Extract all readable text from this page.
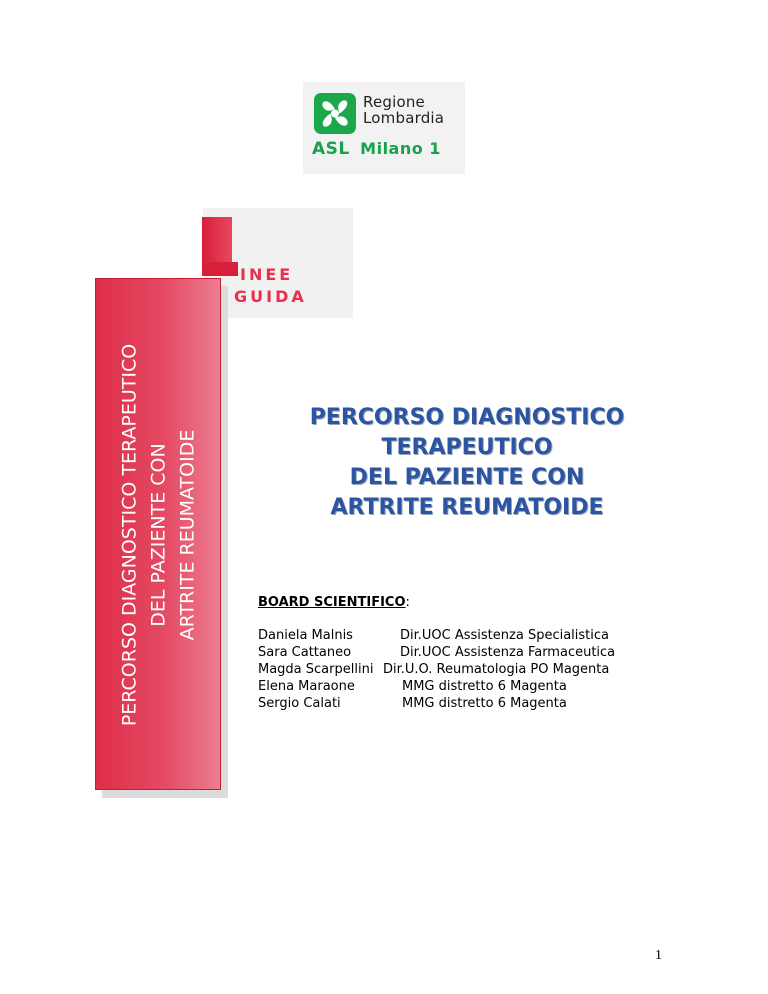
Regione
Lombardia
ASL Milano 1
INEE
GUIDA
PERCORSO DIAGNOSTICO TERAPEUTICO DEL PAZIENTE CON ARTRITE REUMATOIDE
PERCORSO DIAGNOSTICO
TERAPEUTICO
DEL PAZIENTE CON
ARTRITE REUMATOIDE
BOARD SCIENTIFICO:
Daniela Malnis	Dir.UOC Assistenza Specialistica
Sara Cattaneo	Dir.UOC Assistenza Farmaceutica
Magda Scarpellini Dir.U.O. Reumatologia PO Magenta
Elena Maraone	MMG distretto 6 Magenta
Sergio Calati	MMG distretto 6 Magenta
1
